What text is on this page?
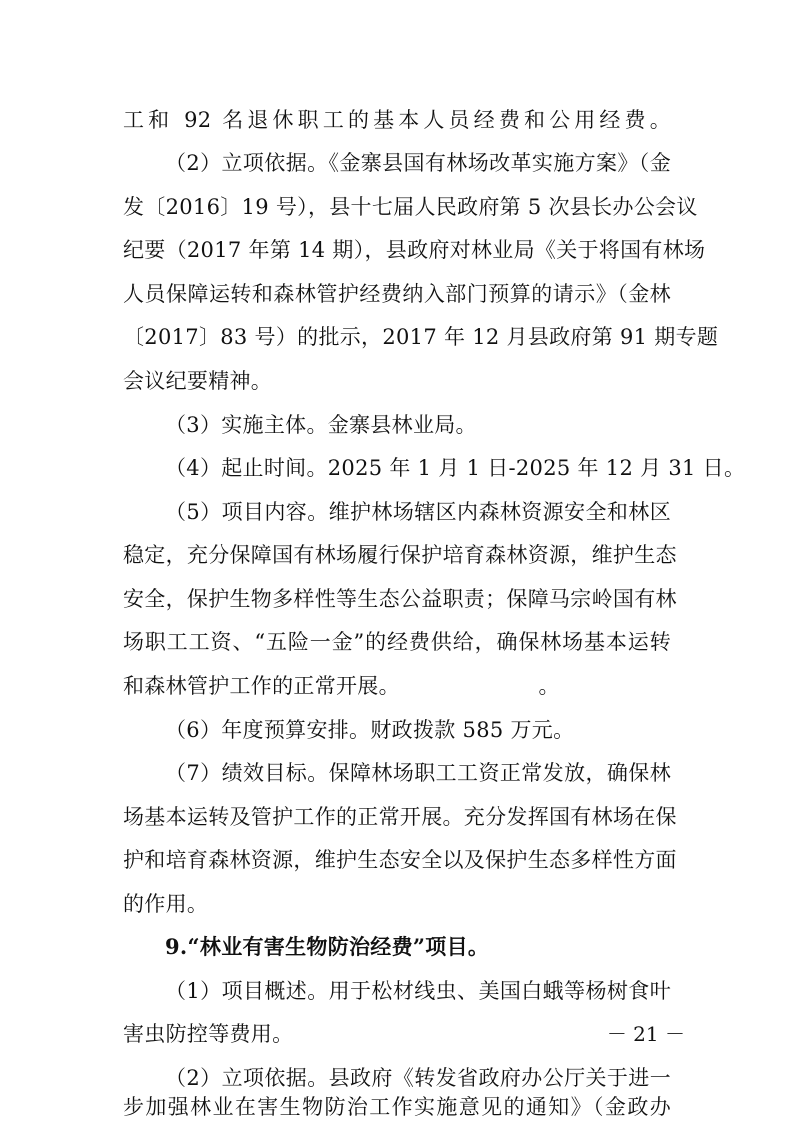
工和 92 名退休职工的基本人员经费和公用经费。
（2）立项依据。《金寨县国有林场改革实施方案》（金
发〔2016〕19 号），县十七届人民政府第 5 次县长办公会议
纪要（2017 年第 14 期），县政府对林业局《关于将国有林场
人员保障运转和森林管护经费纳入部门预算的请示》（金林
〔2017〕83 号）的批示，2017 年 12 月县政府第 91 期专题
会议纪要精神。
（3）实施主体。金寨县林业局。
（4）起止时间。2025 年 1 月 1 日-2025 年 12 月 31 日。
（5）项目内容。维护林场辖区内森林资源安全和林区
稳定，充分保障国有林场履行保护培育森林资源，维护生态
安全，保护生物多样性等生态公益职责；保障马宗岭国有林
场职工工资、“五险一金”的经费供给，确保林场基本运转
和森林管护工作的正常开展。　　　　　　　。
（6）年度预算安排。财政拨款 585 万元。
（7）绩效目标。保障林场职工工资正常发放，确保林
场基本运转及管护工作的正常开展。充分发挥国有林场在保
护和培育森林资源，维护生态安全以及保护生态多样性方面
的作用。
9.“林业有害生物防治经费”项目。
（1）项目概述。用于松材线虫、美国白蛾等杨树食叶
害虫防控等费用。
（2）立项依据。县政府《转发省政府办公厅关于进一
步加强林业在害生物防治工作实施意见的通知》（金政办
－ 21 －
